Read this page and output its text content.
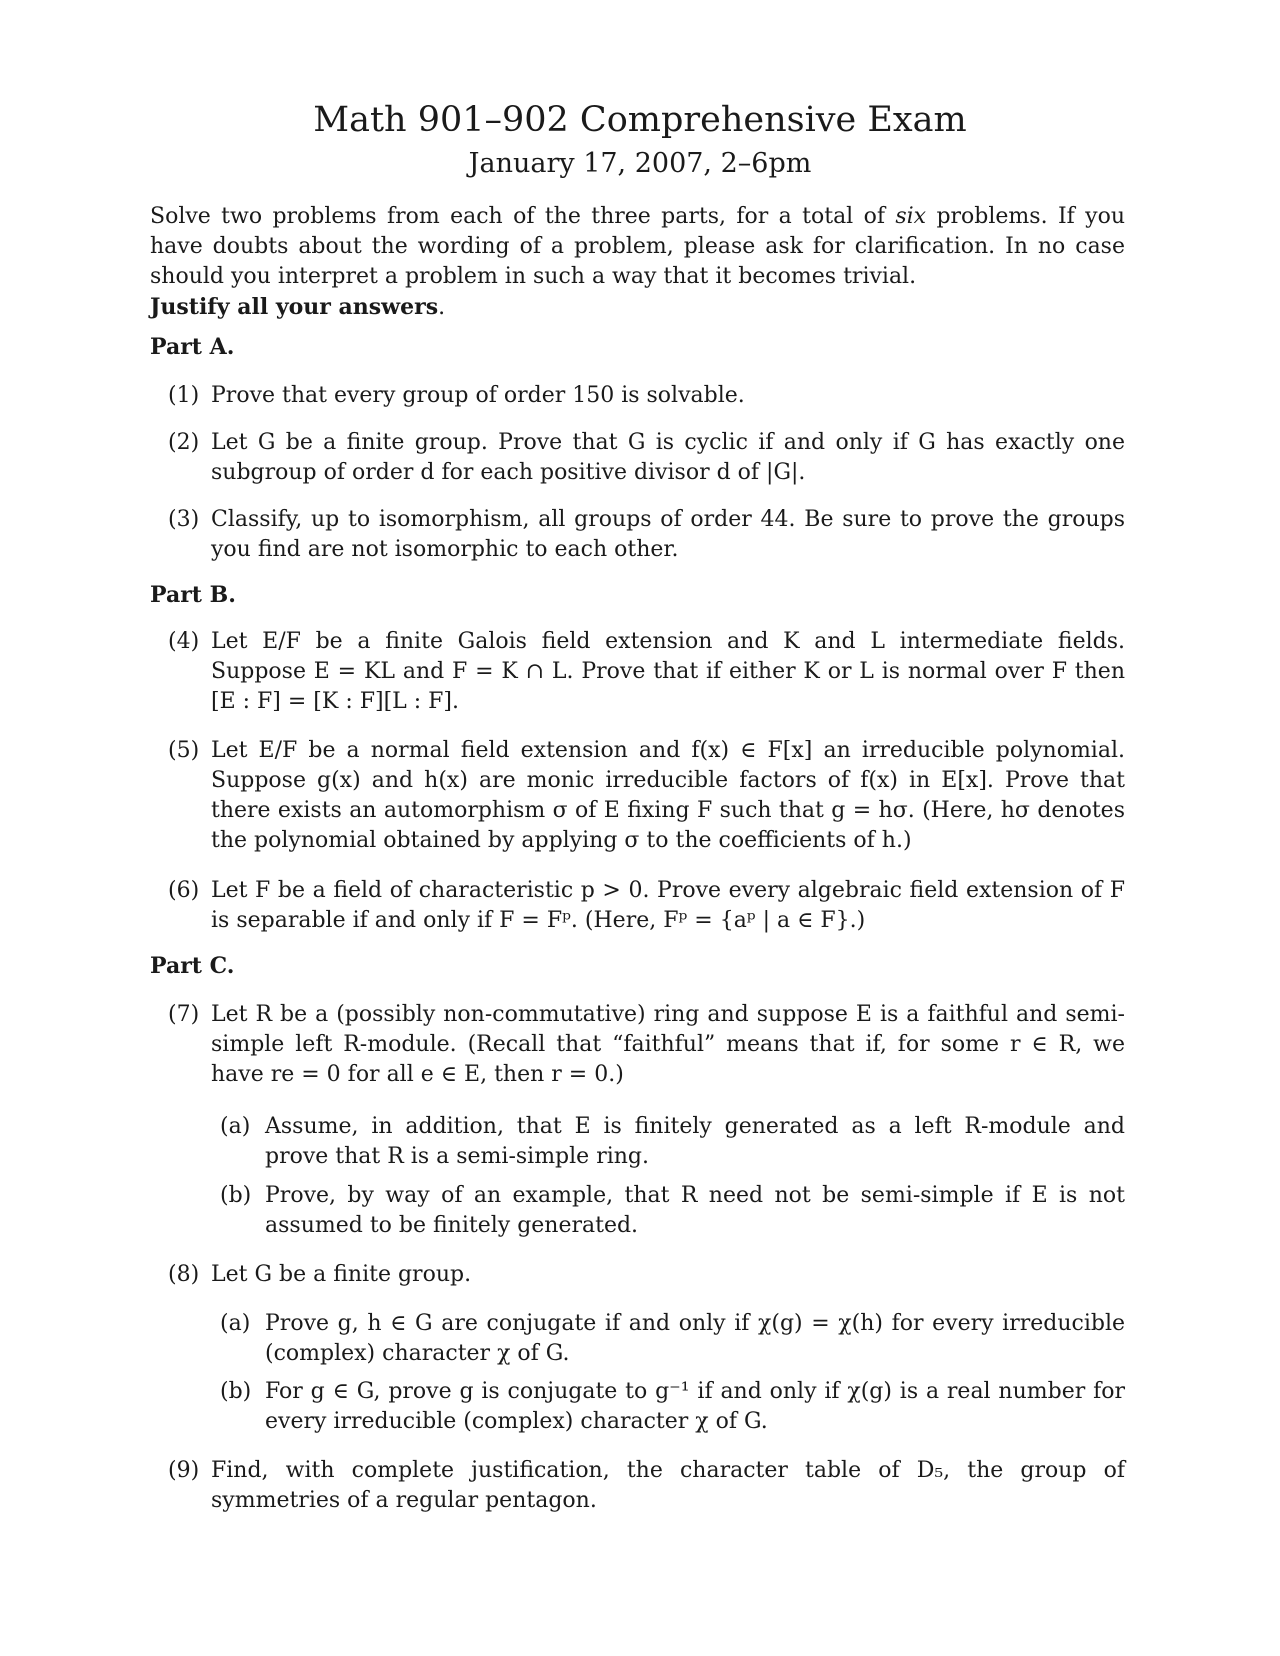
Math 901–902 Comprehensive Exam
January 17, 2007, 2–6pm
Solve two problems from each of the three parts, for a total of six problems. If you have doubts about the wording of a problem, please ask for clarification. In no case should you interpret a problem in such a way that it becomes trivial.
Justify all your answers.
Part A.
(1) Prove that every group of order 150 is solvable.
(2) Let G be a finite group. Prove that G is cyclic if and only if G has exactly one subgroup of order d for each positive divisor d of |G|.
(3) Classify, up to isomorphism, all groups of order 44. Be sure to prove the groups you find are not isomorphic to each other.
Part B.
(4) Let E/F be a finite Galois field extension and K and L intermediate fields. Suppose E = KL and F = K ∩ L. Prove that if either K or L is normal over F then [E : F] = [K : F][L : F].
(5) Let E/F be a normal field extension and f(x) ∈ F[x] an irreducible polynomial. Suppose g(x) and h(x) are monic irreducible factors of f(x) in E[x]. Prove that there exists an automorphism σ of E fixing F such that g = hσ. (Here, hσ denotes the polynomial obtained by applying σ to the coefficients of h.)
(6) Let F be a field of characteristic p > 0. Prove every algebraic field extension of F is separable if and only if F = Fᵖ. (Here, Fᵖ = {aᵖ | a ∈ F}.)
Part C.
(7) Let R be a (possibly non-commutative) ring and suppose E is a faithful and semi-simple left R-module. (Recall that “faithful” means that if, for some r ∈ R, we have re = 0 for all e ∈ E, then r = 0.)
(a) Assume, in addition, that E is finitely generated as a left R-module and prove that R is a semi-simple ring.
(b) Prove, by way of an example, that R need not be semi-simple if E is not assumed to be finitely generated.
(8) Let G be a finite group.
(a) Prove g, h ∈ G are conjugate if and only if χ(g) = χ(h) for every irreducible (complex) character χ of G.
(b) For g ∈ G, prove g is conjugate to g⁻¹ if and only if χ(g) is a real number for every irreducible (complex) character χ of G.
(9) Find, with complete justification, the character table of D₅, the group of symmetries of a regular pentagon.
